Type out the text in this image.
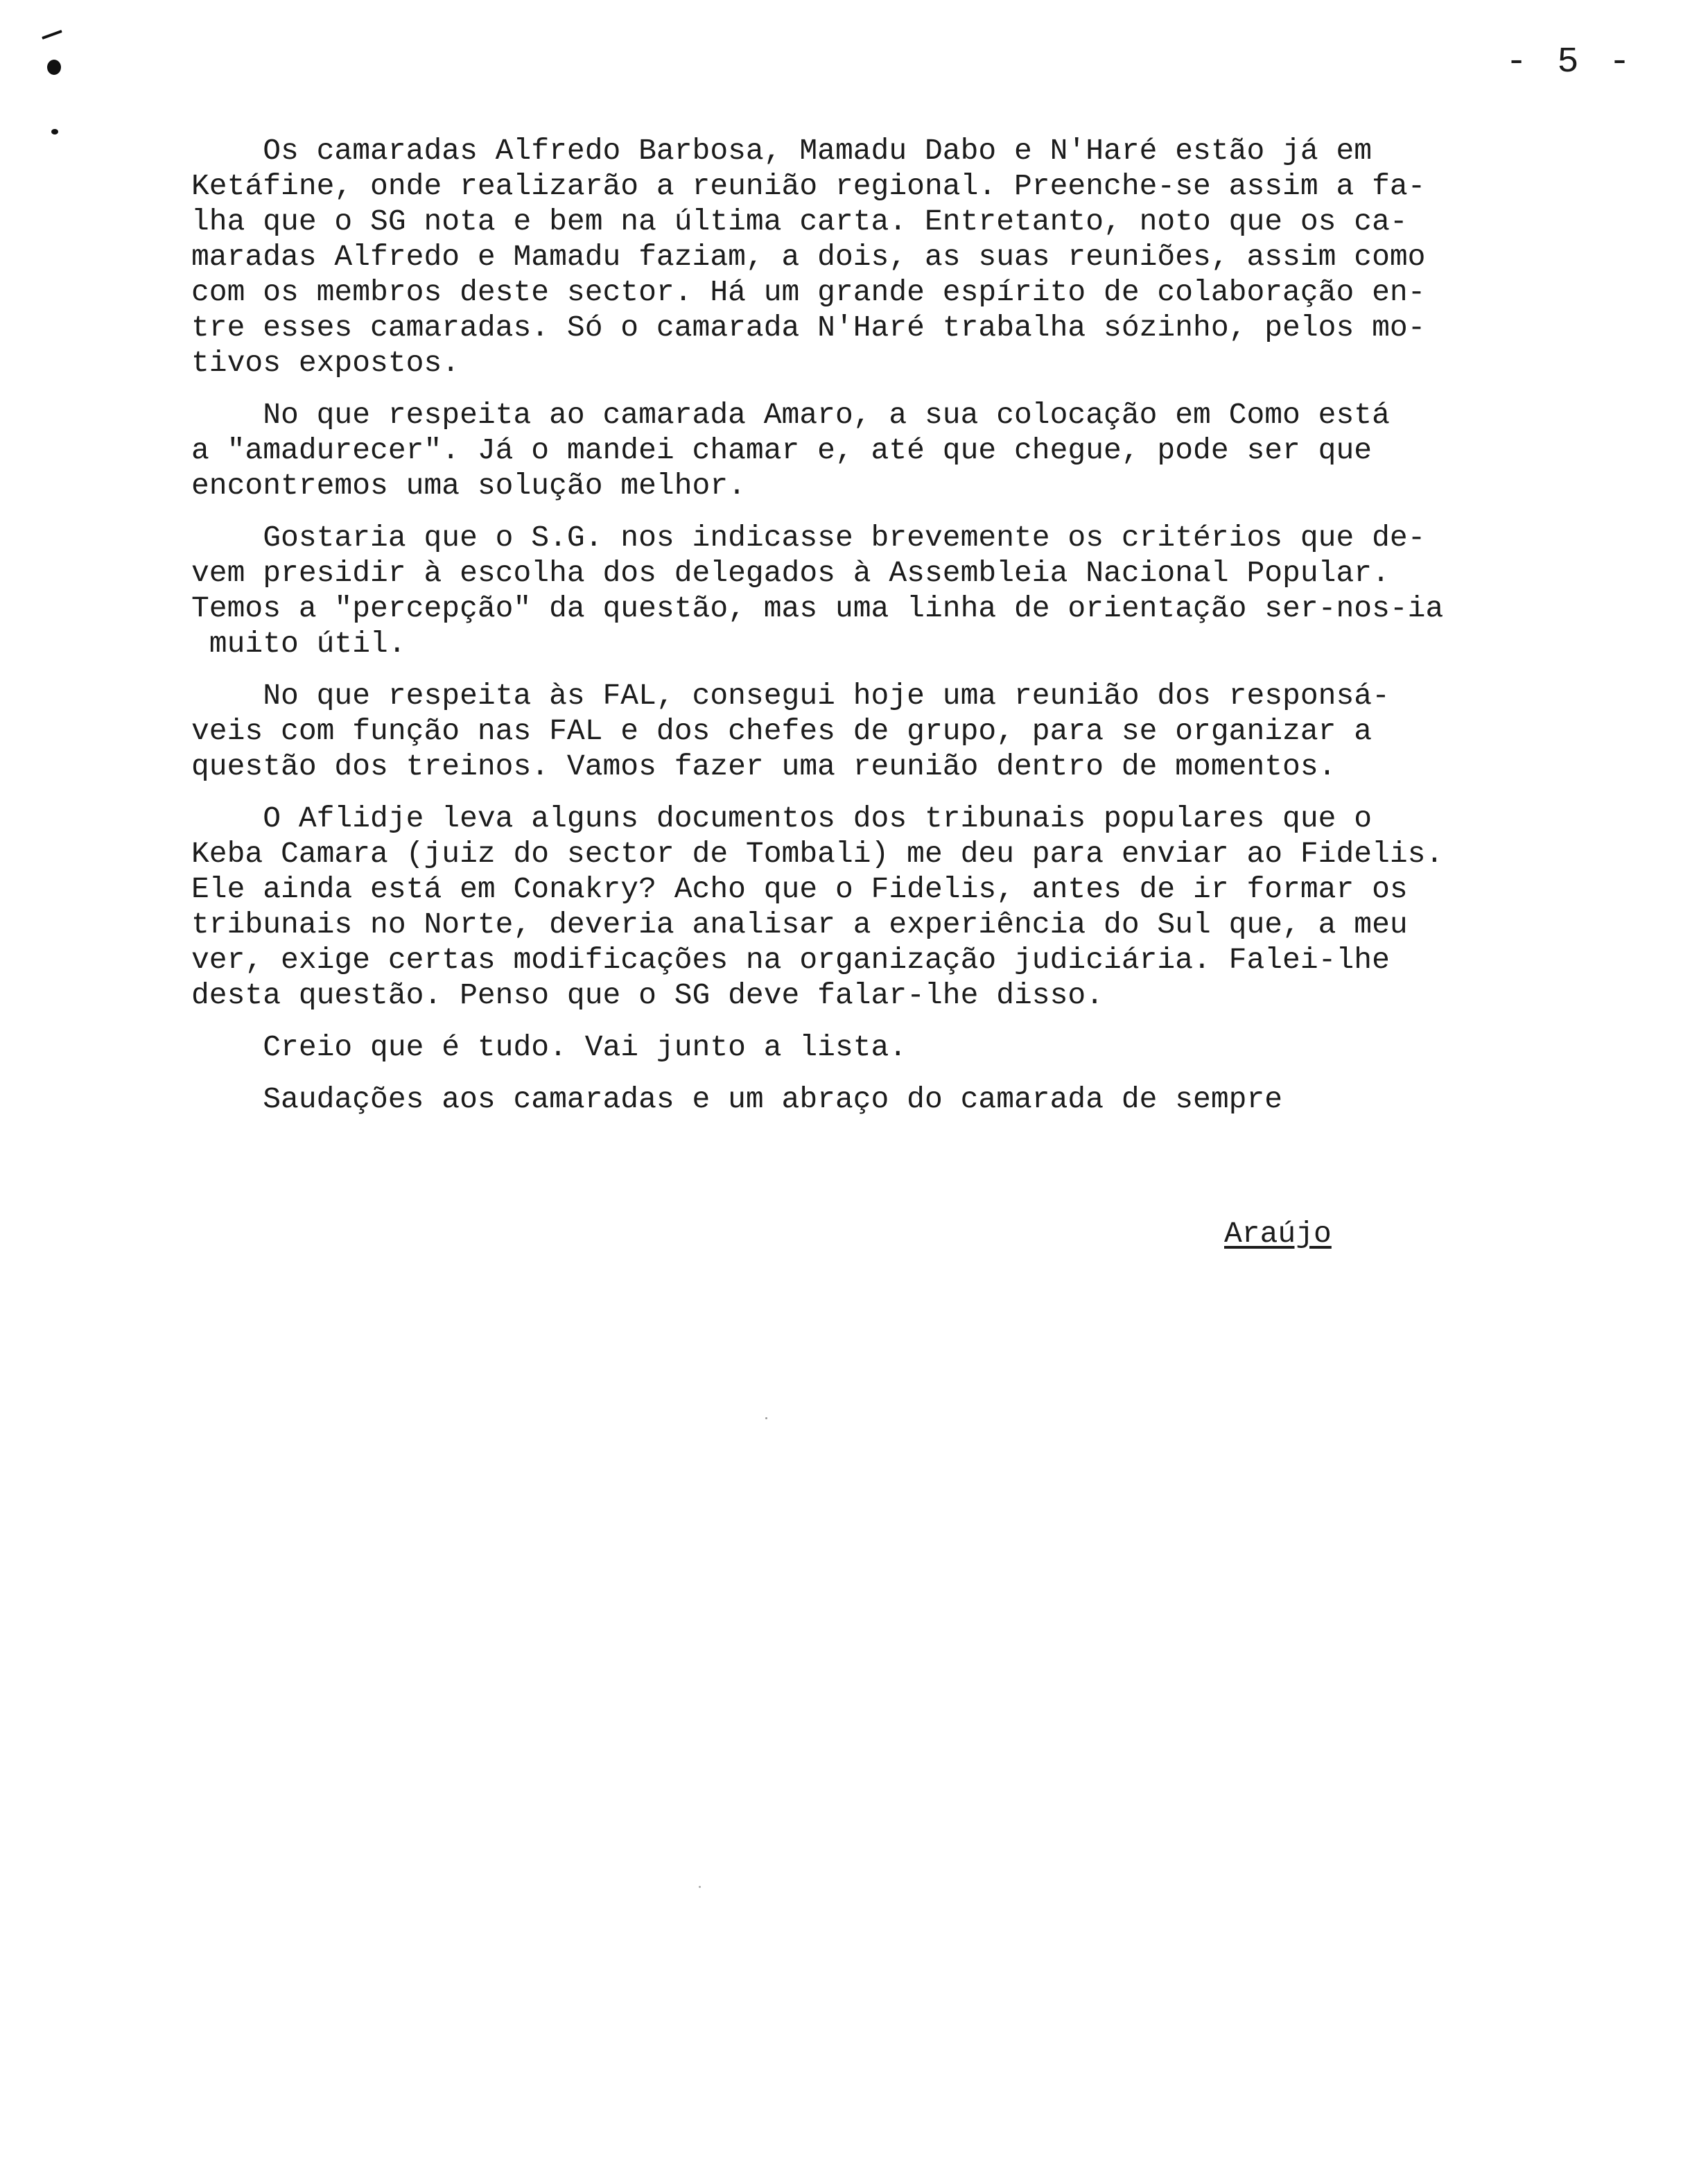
- 5 -
Os camaradas Alfredo Barbosa, Mamadu Dabo e N'Haré estão já em
Ketáfine, onde realizarão a reunião regional. Preenche-se assim a fa-
lha que o SG nota e bem na última carta. Entretanto, noto que os ca-
maradas Alfredo e Mamadu faziam, a dois, as suas reuniões, assim como
com os membros deste sector. Há um grande espírito de colaboração en-
tre esses camaradas. Só o camarada N'Haré trabalha sózinho, pelos mo-
tivos expostos.
No que respeita ao camarada Amaro, a sua colocação em Como está
a "amadurecer". Já o mandei chamar e, até que chegue, pode ser que
encontremos uma solução melhor.
Gostaria que o S.G. nos indicasse brevemente os critérios que de-
vem presidir à escolha dos delegados à Assembleia Nacional Popular.
Temos a "percepção" da questão, mas uma linha de orientação ser-nos-ia
muito útil.
No que respeita às FAL, consegui hoje uma reunião dos responsá-
veis com função nas FAL e dos chefes de grupo, para se organizar a
questão dos treinos. Vamos fazer uma reunião dentro de momentos.
O Aflidje leva alguns documentos dos tribunais populares que o
Keba Camara (juiz do sector de Tombali) me deu para enviar ao Fidelis.
Ele ainda está em Conakry? Acho que o Fidelis, antes de ir formar os
tribunais no Norte, deveria analisar a experiência do Sul que, a meu
ver, exige certas modificações na organização judiciária. Falei-lhe
desta questão. Penso que o SG deve falar-lhe disso.
Creio que é tudo. Vai junto a lista.
Saudações aos camaradas e um abraço do camarada de sempre
Araújo
